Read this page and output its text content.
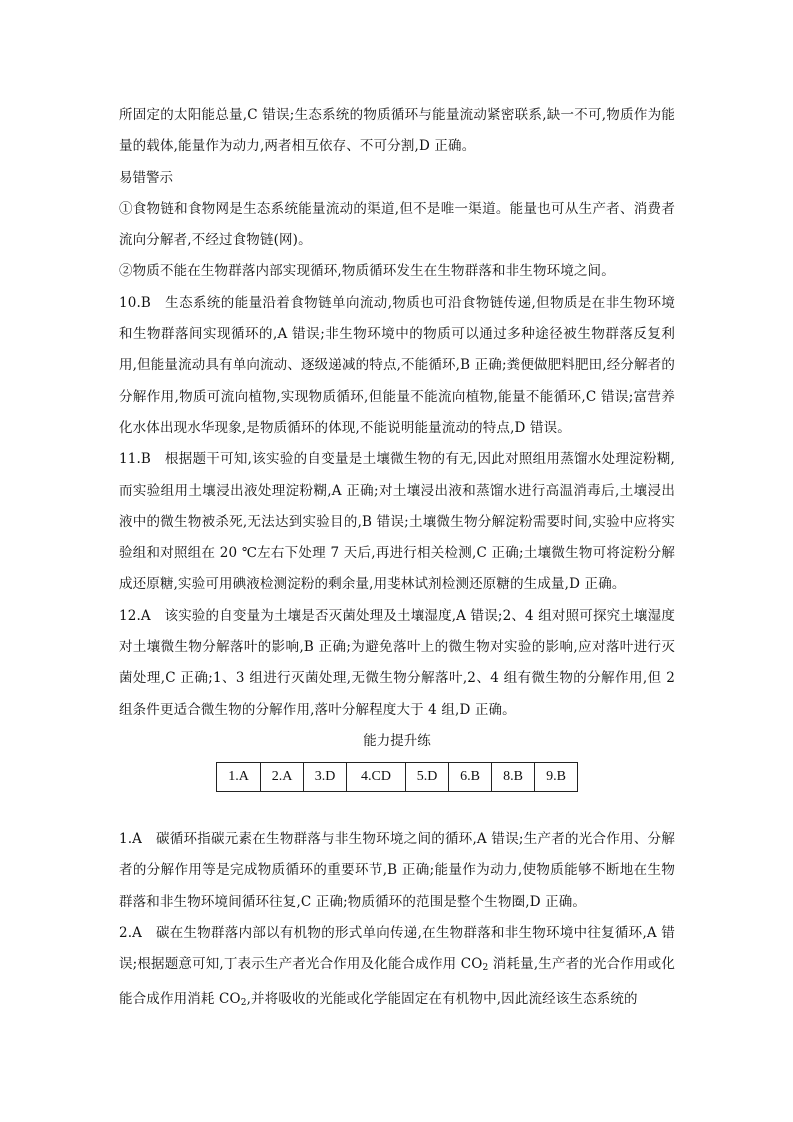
所固定的太阳能总量,C 错误;生态系统的物质循环与能量流动紧密联系,缺一不可,物质作为能量的载体,能量作为动力,两者相互依存、不可分割,D 正确。

易错警示

①食物链和食物网是生态系统能量流动的渠道,但不是唯一渠道。能量也可从生产者、消费者流向分解者,不经过食物链(网)。

②物质不能在生物群落内部实现循环,物质循环发生在生物群落和非生物环境之间。

10.B　生态系统的能量沿着食物链单向流动,物质也可沿食物链传递,但物质是在非生物环境和生物群落间实现循环的,A 错误;非生物环境中的物质可以通过多种途径被生物群落反复利用,但能量流动具有单向流动、逐级递减的特点,不能循环,B 正确;粪便做肥料肥田,经分解者的分解作用,物质可流向植物,实现物质循环,但能量不能流向植物,能量不能循环,C 错误;富营养化水体出现水华现象,是物质循环的体现,不能说明能量流动的特点,D 错误。

11.B　根据题干可知,该实验的自变量是土壤微生物的有无,因此对照组用蒸馏水处理淀粉糊,而实验组用土壤浸出液处理淀粉糊,A 正确;对土壤浸出液和蒸馏水进行高温消毒后,土壤浸出液中的微生物被杀死,无法达到实验目的,B 错误;土壤微生物分解淀粉需要时间,实验中应将实验组和对照组在 20 ℃左右下处理 7 天后,再进行相关检测,C 正确;土壤微生物可将淀粉分解成还原糖,实验可用碘液检测淀粉的剩余量,用斐林试剂检测还原糖的生成量,D 正确。

12.A　该实验的自变量为土壤是否灭菌处理及土壤湿度,A 错误;2、4 组对照可探究土壤湿度对土壤微生物分解落叶的影响,B 正确;为避免落叶上的微生物对实验的影响,应对落叶进行灭菌处理,C 正确;1、3 组进行灭菌处理,无微生物分解落叶,2、4 组有微生物的分解作用,但 2 组条件更适合微生物的分解作用,落叶分解程度大于 4 组,D 正确。

能力提升练

1.A	2.A	3.D	4.CD	5.D	6.B	8.B	9.B

1.A　碳循环指碳元素在生物群落与非生物环境之间的循环,A 错误;生产者的光合作用、分解者的分解作用等是完成物质循环的重要环节,B 正确;能量作为动力,使物质能够不断地在生物群落和非生物环境间循环往复,C 正确;物质循环的范围是整个生物圈,D 正确。

2.A　碳在生物群落内部以有机物的形式单向传递,在生物群落和非生物环境中往复循环,A 错误;根据题意可知,丁表示生产者光合作用及化能合成作用 $CO_2$ 消耗量,生产者的光合作用或化能合成作用消耗 $CO_2$,并将吸收的光能或化学能固定在有机物中,因此流经该生态系统的
